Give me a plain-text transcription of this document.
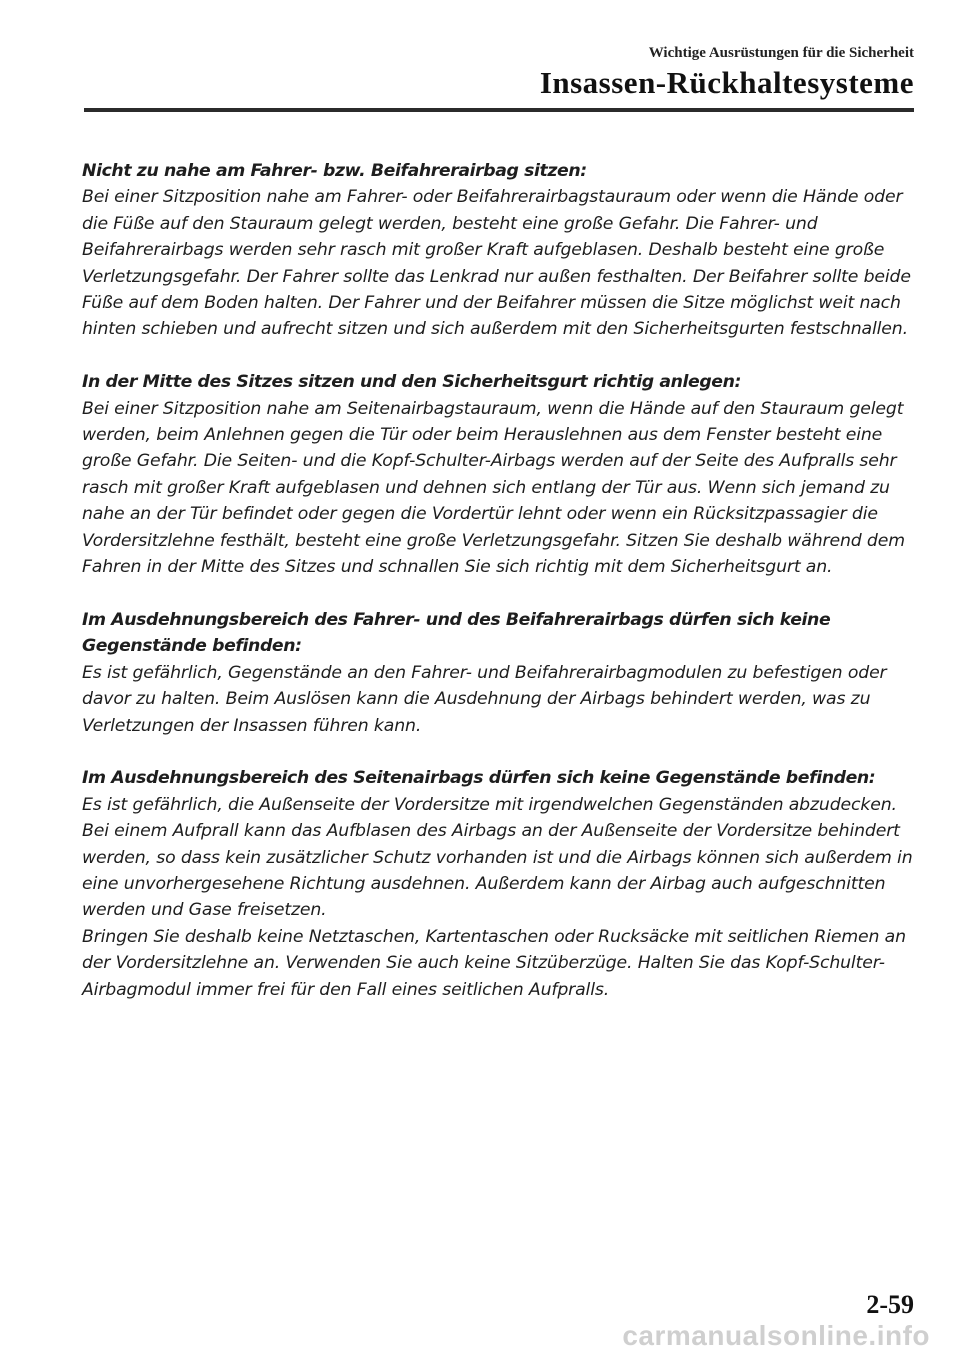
Wichtige Ausrüstungen für die Sicherheit

Insassen-Rückhaltesysteme

Nicht zu nahe am Fahrer- bzw. Beifahrerairbag sitzen:

Bei einer Sitzposition nahe am Fahrer- oder Beifahrerairbagstauraum oder wenn die Hände oder die Füße auf den Stauraum gelegt werden, besteht eine große Gefahr. Die Fahrer- und Beifahrerairbags werden sehr rasch mit großer Kraft aufgeblasen. Deshalb besteht eine große Verletzungsgefahr. Der Fahrer sollte das Lenkrad nur außen festhalten. Der Beifahrer sollte beide Füße auf dem Boden halten. Der Fahrer und der Beifahrer müssen die Sitze möglichst weit nach hinten schieben und aufrecht sitzen und sich außerdem mit den Sicherheitsgurten festschnallen.

In der Mitte des Sitzes sitzen und den Sicherheitsgurt richtig anlegen:

Bei einer Sitzposition nahe am Seitenairbagstauraum, wenn die Hände auf den Stauraum gelegt werden, beim Anlehnen gegen die Tür oder beim Herauslehnen aus dem Fenster besteht eine große Gefahr. Die Seiten- und die Kopf-Schulter-Airbags werden auf der Seite des Aufpralls sehr rasch mit großer Kraft aufgeblasen und dehnen sich entlang der Tür aus. Wenn sich jemand zu nahe an der Tür befindet oder gegen die Vordertür lehnt oder wenn ein Rücksitzpassagier die Vordersitzlehne festhält, besteht eine große Verletzungsgefahr. Sitzen Sie deshalb während dem Fahren in der Mitte des Sitzes und schnallen Sie sich richtig mit dem Sicherheitsgurt an.

Im Ausdehnungsbereich des Fahrer- und des Beifahrerairbags dürfen sich keine Gegenstände befinden:

Es ist gefährlich, Gegenstände an den Fahrer- und Beifahrerairbagmodulen zu befestigen oder davor zu halten. Beim Auslösen kann die Ausdehnung der Airbags behindert werden, was zu Verletzungen der Insassen führen kann.

Im Ausdehnungsbereich des Seitenairbags dürfen sich keine Gegenstände befinden:

Es ist gefährlich, die Außenseite der Vordersitze mit irgendwelchen Gegenständen abzudecken. Bei einem Aufprall kann das Aufblasen des Airbags an der Außenseite der Vordersitze behindert werden, so dass kein zusätzlicher Schutz vorhanden ist und die Airbags können sich außerdem in eine unvorhergesehene Richtung ausdehnen. Außerdem kann der Airbag auch aufgeschnitten werden und Gase freisetzen.

Bringen Sie deshalb keine Netztaschen, Kartentaschen oder Rucksäcke mit seitlichen Riemen an der Vordersitzlehne an. Verwenden Sie auch keine Sitzüberzüge. Halten Sie das Kopf-Schulter-Airbagmodul immer frei für den Fall eines seitlichen Aufpralls.

2-59
carmanualsonline.info
